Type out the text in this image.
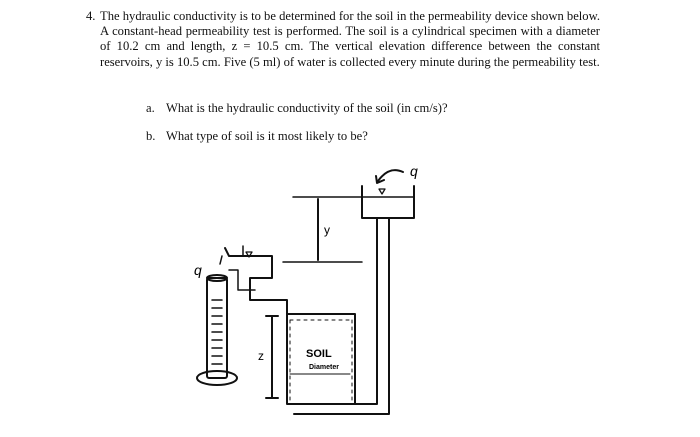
4. The hydraulic conductivity is to be determined for the soil in the permeability device shown below. A constant-head permeability test is performed. The soil is a cylindrical specimen with a diameter of 10.2 cm and length, z = 10.5 cm. The vertical elevation difference between the constant reservoirs, y is 10.5 cm. Five (5 ml) of water is collected every minute during the permeability test.

a. What is the hydraulic conductivity of the soil (in cm/s)?
b. What type of soil is it most likely to be?
q
q
y
z	SOIL
Diameter
